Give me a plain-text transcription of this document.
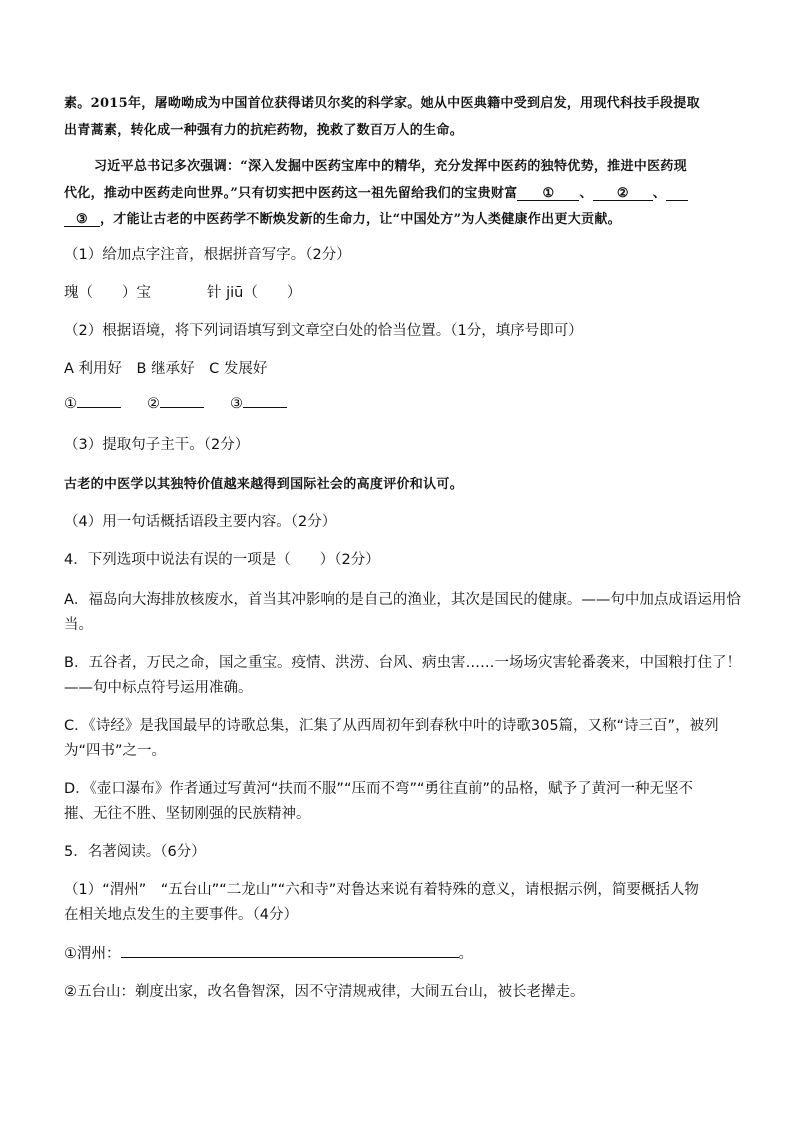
素。2015年，屠呦呦成为中国首位获得诺贝尔奖的科学家。她从中医典籍中受到启发，用现代科技手段提取
出青蒿素，转化成一种强有力的抗疟药物，挽救了数百万人的生命。
习近平总书记多次强调：“深入发掘中医药宝库中的精华，充分发挥中医药的独特优势，推进中医药现
代化，推动中医药走向世界。”只有切实把中医药这一祖先留给我们的宝贵财富 ① 、 ② 、
③ ，才能让古老的中医药学不断焕发新的生命力，让“中国处方”为人类健康作出更大贡献。
（1）给加点字注音，根据拼音写字。（2分）
瑰（　　）宝	针 jiū（　　）
（2）根据语境，将下列词语填写到文章空白处的恰当位置。（1分，填序号即可）
A 利用好　B 继承好　C 发展好
①	②	③
（3）提取句子主干。（2分）
古老的中医学以其独特价值越来越得到国际社会的高度评价和认可。
（4）用一句话概括语段主要内容。（2分）
4．下列选项中说法有误的一项是（　　）（2分）
A．福岛向大海排放核废水，首当其冲影响的是自己的渔业，其次是国民的健康。——句中加点成语运用恰
当。
B．五谷者，万民之命，国之重宝。疫情、洪涝、台风、病虫害……一场场灾害轮番袭来，中国粮打住了！
——句中标点符号运用准确。
C．《诗经》是我国最早的诗歌总集，汇集了从西周初年到春秋中叶的诗歌305篇，又称“诗三百”，被列
为“四书”之一。
D．《壶口瀑布》作者通过写黄河“扶而不服”“压而不弯”“勇往直前”的品格，赋予了黄河一种无坚不
摧、无往不胜、坚韧刚强的民族精神。
5．名著阅读。（6分）
（1）“渭州”　“五台山”“二龙山”“六和寺”对鲁达来说有着特殊的意义，请根据示例，简要概括人物
在相关地点发生的主要事件。（4分）
①渭州：	。
②五台山：剃度出家，改名鲁智深，因不守清规戒律，大闹五台山，被长老撵走。
